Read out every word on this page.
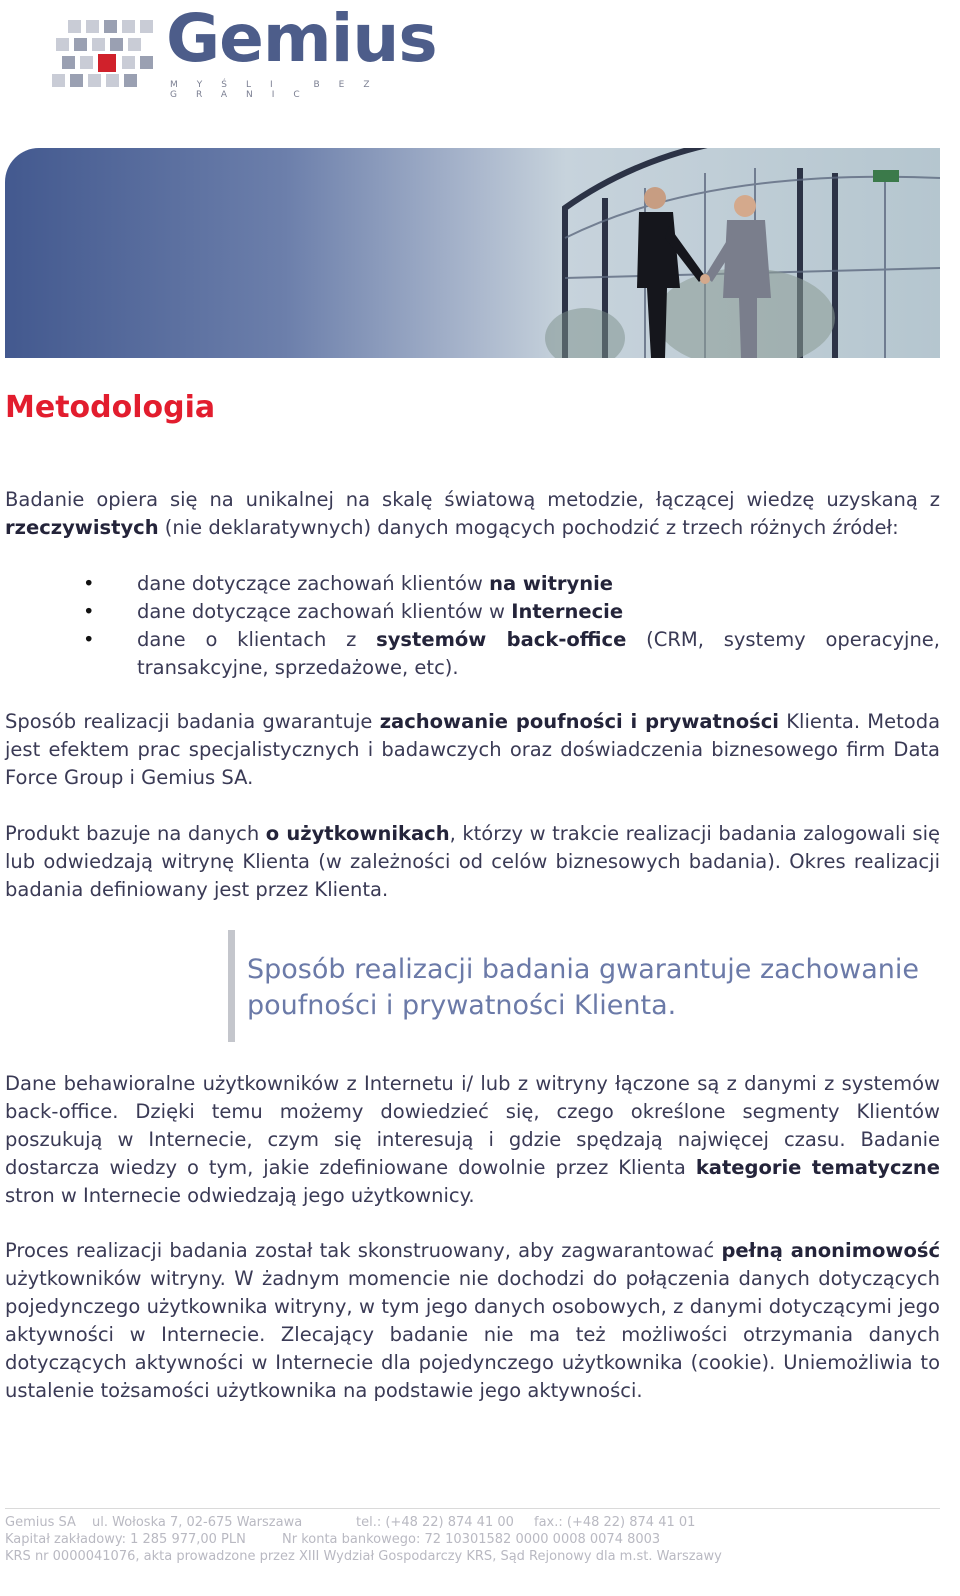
Gemius
MYŚLI BEZ GRANIC
Metodologia
Badanie opiera się na unikalnej na skalę światową metodzie, łączącej wiedzę uzyskaną z rzeczywistych (nie deklaratywnych) danych mogących pochodzić z trzech różnych źródeł:
• dane dotyczące zachowań klientów na witrynie
• dane dotyczące zachowań klientów w Internecie
• dane o klientach z systemów back-office (CRM, systemy operacyjne, transakcyjne, sprzedażowe, etc).
Sposób realizacji badania gwarantuje zachowanie poufności i prywatności Klienta. Metoda jest efektem prac specjalistycznych i badawczych oraz doświadczenia biznesowego firm Data Force Group i Gemius SA.
Produkt bazuje na danych o użytkownikach, którzy w trakcie realizacji badania zalogowali się lub odwiedzają witrynę Klienta (w zależności od celów biznesowych badania). Okres realizacji badania definiowany jest przez Klienta.
Sposób realizacji badania gwarantuje zachowanie poufności i prywatności Klienta.
Dane behawioralne użytkowników z Internetu i/ lub z witryny łączone są z danymi z systemów back-office. Dzięki temu możemy dowiedzieć się, czego określone segmenty Klientów poszukują w Internecie, czym się interesują i gdzie spędzają najwięcej czasu. Badanie dostarcza wiedzy o tym, jakie zdefiniowane dowolnie przez Klienta kategorie tematyczne stron w Internecie odwiedzają jego użytkownicy.
Proces realizacji badania został tak skonstruowany, aby zagwarantować pełną anonimowość użytkowników witryny. W żadnym momencie nie dochodzi do połączenia danych dotyczących pojedynczego użytkownika witryny, w tym jego danych osobowych, z danymi dotyczącymi jego aktywności w Internecie. Zlecający badanie nie ma też możliwości otrzymania danych dotyczących aktywności w Internecie dla pojedynczego użytkownika (cookie). Uniemożliwia to ustalenie tożsamości użytkownika na podstawie jego aktywności.
Gemius SA ul. Wołoska 7, 02-675 Warszawa	tel.: (+48 22) 874 41 00 fax.: (+48 22) 874 41 01
Kapitał zakładowy: 1 285 977,00 PLN	Nr konta bankowego: 72 10301582 0000 0008 0074 8003
KRS nr 0000041076, akta prowadzone przez XIII Wydział Gospodarczy KRS, Sąd Rejonowy dla m.st. Warszawy
